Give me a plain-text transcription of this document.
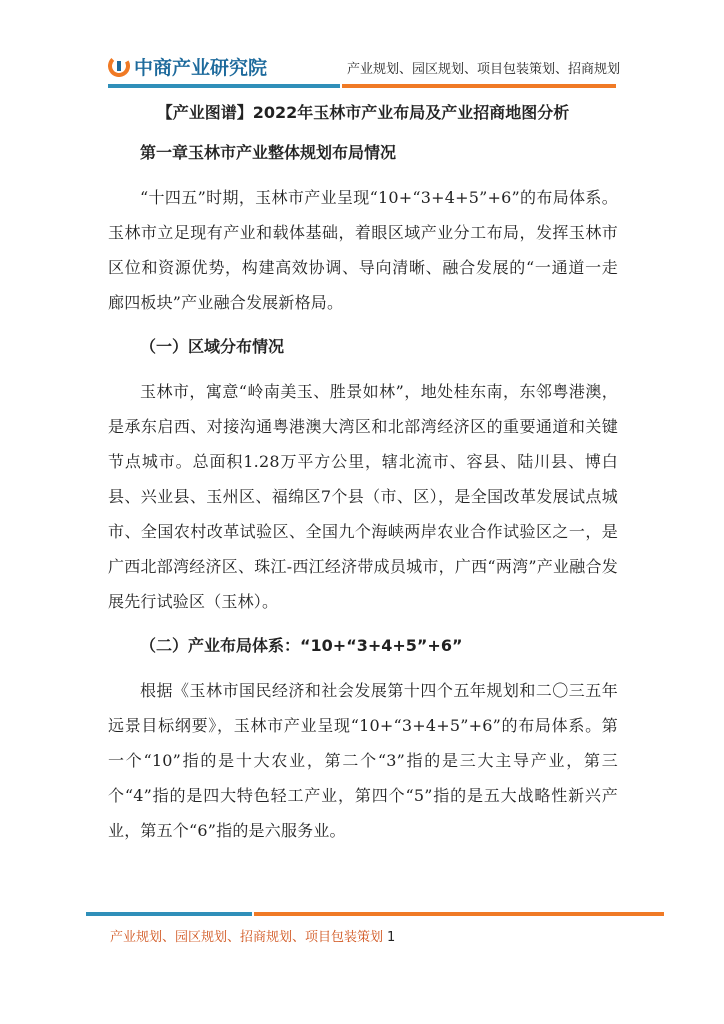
中商产业研究院	产业规划、园区规划、项目包装策划、招商规划
【产业图谱】2022年玉林市产业布局及产业招商地图分析
第一章玉林市产业整体规划布局情况

“十四五”时期，玉林市产业呈现“10+“3+4+5”+6”的布局体系。玉林市立足现有产业和载体基础，着眼区域产业分工布局，发挥玉林市区位和资源优势，构建高效协调、导向清晰、融合发展的“一通道一走廊四板块”产业融合发展新格局。

（一）区域分布情况

玉林市，寓意“岭南美玉、胜景如林”，地处桂东南，东邻粤港澳，是承东启西、对接沟通粤港澳大湾区和北部湾经济区的重要通道和关键节点城市。总面积1.28万平方公里，辖北流市、容县、陆川县、博白县、兴业县、玉州区、福绵区7个县（市、区），是全国改革发展试点城市、全国农村改革试验区、全国九个海峡两岸农业合作试验区之一，是广西北部湾经济区、珠江-西江经济带成员城市，广西“两湾”产业融合发展先行试验区（玉林）。

（二）产业布局体系：“10+“3+4+5”+6”

根据《玉林市国民经济和社会发展第十四个五年规划和二〇三五年远景目标纲要》，玉林市产业呈现“10+“3+4+5”+6”的布局体系。第一个“10”指的是十大农业，第二个“3”指的是三大主导产业，第三个“4”指的是四大特色轻工产业，第四个“5”指的是五大战略性新兴产业，第五个“6”指的是六服务业。

产业规划、园区规划、招商规划、项目包装策划 1
